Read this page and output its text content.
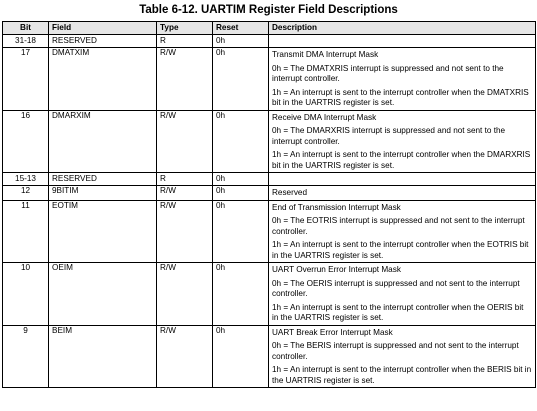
Table 6-12. UARTIM Register Field Descriptions
Bit	Field	Type	Reset	Description
31-18	RESERVED	R	0h	
17	DMATXIM	R/W	0h	Transmit DMA Interrupt Mask
0h = The DMATXRIS interrupt is suppressed and not sent to the interrupt controller.
1h = An interrupt is sent to the interrupt controller when the DMATXRIS bit in the UARTRIS register is set.

16	DMARXIM	R/W	0h	Receive DMA Interrupt Mask
0h = The DMARXRIS interrupt is suppressed and not sent to the interrupt controller.
1h = An interrupt is sent to the interrupt controller when the DMARXRIS bit in the UARTRIS register is set.

15-13	RESERVED	R	0h	
12	9BITIM	R/W	0h	Reserved

11	EOTIM	R/W	0h	End of Transmission Interrupt Mask
0h = The EOTRIS interrupt is suppressed and not sent to the interrupt controller.
1h = An interrupt is sent to the interrupt controller when the EOTRIS bit in the UARTRIS register is set.

10	OEIM	R/W	0h	UART Overrun Error Interrupt Mask
0h = The OERIS interrupt is suppressed and not sent to the interrupt controller.
1h = An interrupt is sent to the interrupt controller when the OERIS bit in the UARTRIS register is set.

9	BEIM	R/W	0h	UART Break Error Interrupt Mask
0h = The BERIS interrupt is suppressed and not sent to the interrupt controller.
1h = An interrupt is sent to the interrupt controller when the BERIS bit in the UARTRIS register is set.
